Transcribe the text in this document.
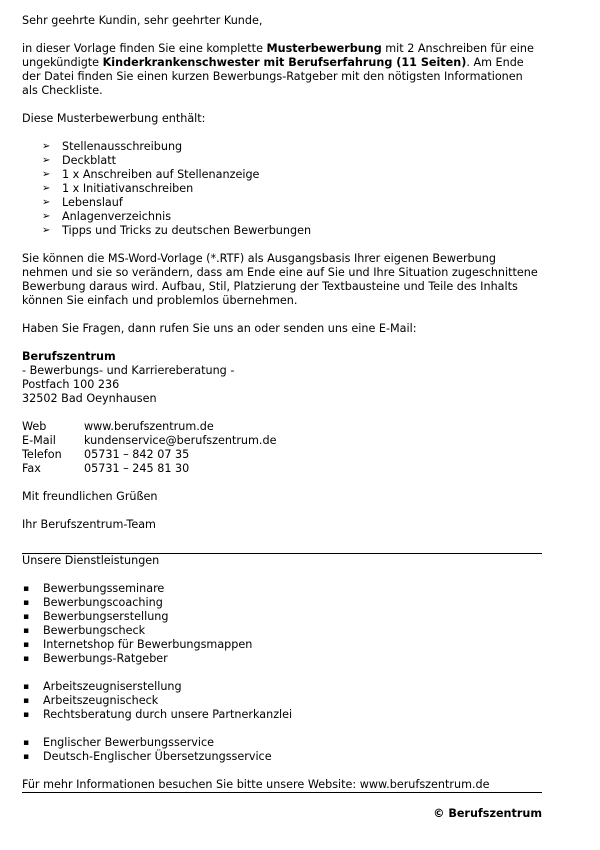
Sehr geehrte Kundin, sehr geehrter Kunde,

in dieser Vorlage finden Sie eine komplette Musterbewerbung mit 2 Anschreiben für eine ungekündigte Kinderkrankenschwester mit Berufserfahrung (11 Seiten). Am Ende der Datei finden Sie einen kurzen Bewerbungs-Ratgeber mit den nötigsten Informationen als Checkliste.

Diese Musterbewerbung enthält:

➢	Stellenausschreibung
➢	Deckblatt
➢	1 x Anschreiben auf Stellenanzeige
➢	1 x Initiativanschreiben
➢	Lebenslauf
➢	Anlagenverzeichnis
➢	Tipps und Tricks zu deutschen Bewerbungen

Sie können die MS-Word-Vorlage (*.RTF) als Ausgangsbasis Ihrer eigenen Bewerbung nehmen und sie so verändern, dass am Ende eine auf Sie und Ihre Situation zugeschnittene Bewerbung daraus wird. Aufbau, Stil, Platzierung der Textbausteine und Teile des Inhalts können Sie einfach und problemlos übernehmen.

Haben Sie Fragen, dann rufen Sie uns an oder senden uns eine E-Mail:

Berufszentrum

- Bewerbungs- und Karriereberatung -

Postfach 100 236

32502 Bad Oeynhausen

Web	www.berufszentrum.de
E-Mail	kundenservice@berufszentrum.de
Telefon	05731 – 842 07 35
Fax	05731 – 245 81 30

Mit freundlichen Grüßen

Ihr Berufszentrum-Team

Unsere Dienstleistungen

▪	Bewerbungsseminare
▪	Bewerbungscoaching
▪	Bewerbungserstellung
▪	Bewerbungscheck
▪	Internetshop für Bewerbungsmappen
▪	Bewerbungs-Ratgeber
▪	Arbeitszeugniserstellung
▪	Arbeitszeugnischeck
▪	Rechtsberatung durch unsere Partnerkanzlei
▪	Englischer Bewerbungsservice
▪	Deutsch-Englischer Übersetzungsservice

Für mehr Informationen besuchen Sie bitte unsere Website: www.berufszentrum.de

© Berufszentrum
